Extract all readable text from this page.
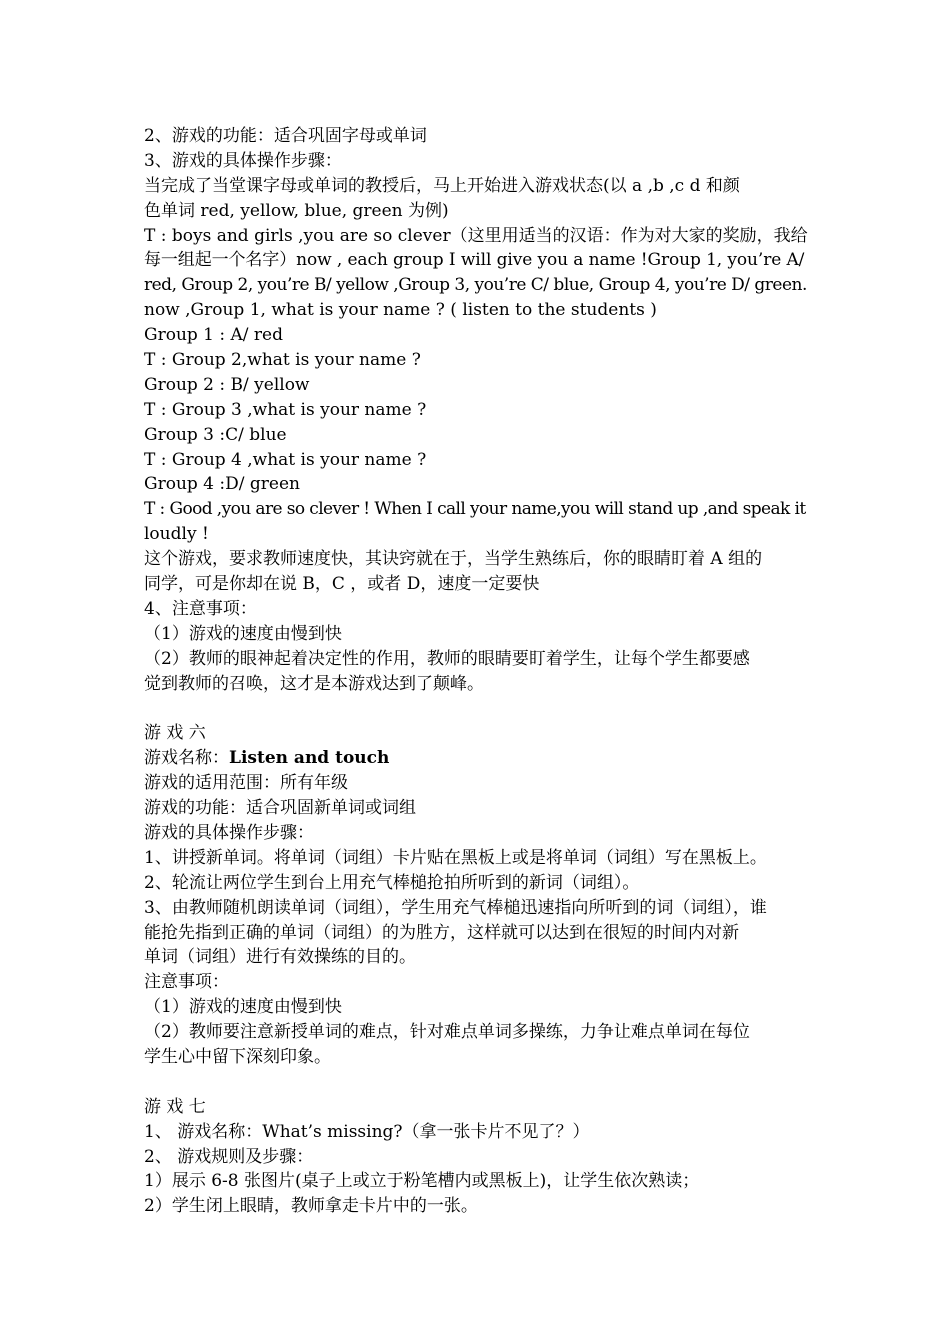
2、游戏的功能：适合巩固字母或单词
3、游戏的具体操作步骤：
当完成了当堂课字母或单词的教授后，马上开始进入游戏状态(以 a ,b ,c d 和颜
色单词 red, yellow, blue, green 为例)
T : boys and girls ,you are so clever（这里用适当的汉语：作为对大家的奖励，我给
每一组起一个名字）now , each group I will give you a name !Group 1, you’re A/
red, Group 2, you’re B/ yellow ,Group 3, you’re C/ blue, Group 4, you’re D/ green.
now ,Group 1, what is your name ? ( listen to the students )
Group 1 : A/ red
T : Group 2,what is your name ?
Group 2 : B/ yellow
T : Group 3 ,what is your name ?
Group 3 :C/ blue
T : Group 4 ,what is your name ?
Group 4 :D/ green
T : Good ,you are so clever ! When I call your name,you will stand up ,and speak it
loudly !
这个游戏，要求教师速度快，其诀窍就在于，当学生熟练后，你的眼睛盯着 A 组的
同学，可是你却在说 B，C ，或者 D，速度一定要快
4、注意事项：
（1）游戏的速度由慢到快
（2）教师的眼神起着决定性的作用，教师的眼睛要盯着学生，让每个学生都要感
觉到教师的召唤，这才是本游戏达到了颠峰。
游 戏 六
游戏名称：Listen and touch
游戏的适用范围：所有年级
游戏的功能：适合巩固新单词或词组
游戏的具体操作步骤：
1、讲授新单词。将单词（词组）卡片贴在黑板上或是将单词（词组）写在黑板上。
2、轮流让两位学生到台上用充气棒槌抢拍所听到的新词（词组）。
3、由教师随机朗读单词（词组），学生用充气棒槌迅速指向所听到的词（词组），谁
能抢先指到正确的单词（词组）的为胜方，这样就可以达到在很短的时间内对新
单词（词组）进行有效操练的目的。
注意事项：
（1）游戏的速度由慢到快
（2）教师要注意新授单词的难点，针对难点单词多操练，力争让难点单词在每位
学生心中留下深刻印象。
游 戏 七
1、 游戏名称：What’s missing?（拿一张卡片不见了？）
2、 游戏规则及步骤：
1）展示 6-8 张图片(桌子上或立于粉笔槽内或黑板上)，让学生依次熟读；
2）学生闭上眼睛，教师拿走卡片中的一张。
